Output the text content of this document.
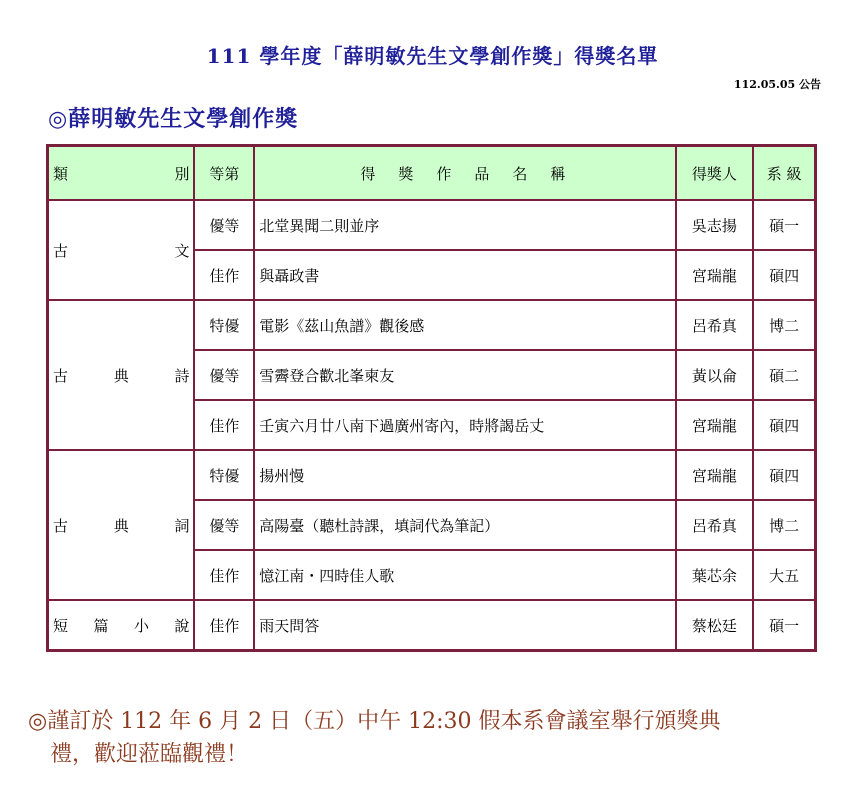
111 學年度「薛明敏先生文學創作獎」得獎名單
112.05.05 公告
◎薛明敏先生文學創作獎
類 別	等第	得　獎　作　品　名　稱	得獎人	系 級

古 文	優等	北堂異聞二則並序	吳志揚	碩一
	佳作	與聶政書	宮瑞龍	碩四

古 典 詩	特優	電影《茲山魚譜》觀後感	呂希真	博二
	優等	雪霽登合歡北峯柬友	黃以侖	碩二
	佳作	壬寅六月廿八南下過廣州寄內，時將謁岳丈	宮瑞龍	碩四

古 典 詞	特優	揚州慢	宮瑞龍	碩四
	優等	高陽臺（聽杜詩課，填詞代為筆記）	呂希真	博二
	佳作	憶江南・四時佳人歌	葉芯余	大五

短 篇 小 說	佳作	雨天問答	蔡松廷	碩一
◎謹訂於 112 年 6 月 2 日（五）中午 12:30 假本系會議室舉行頒獎典
禮，歡迎蒞臨觀禮！
